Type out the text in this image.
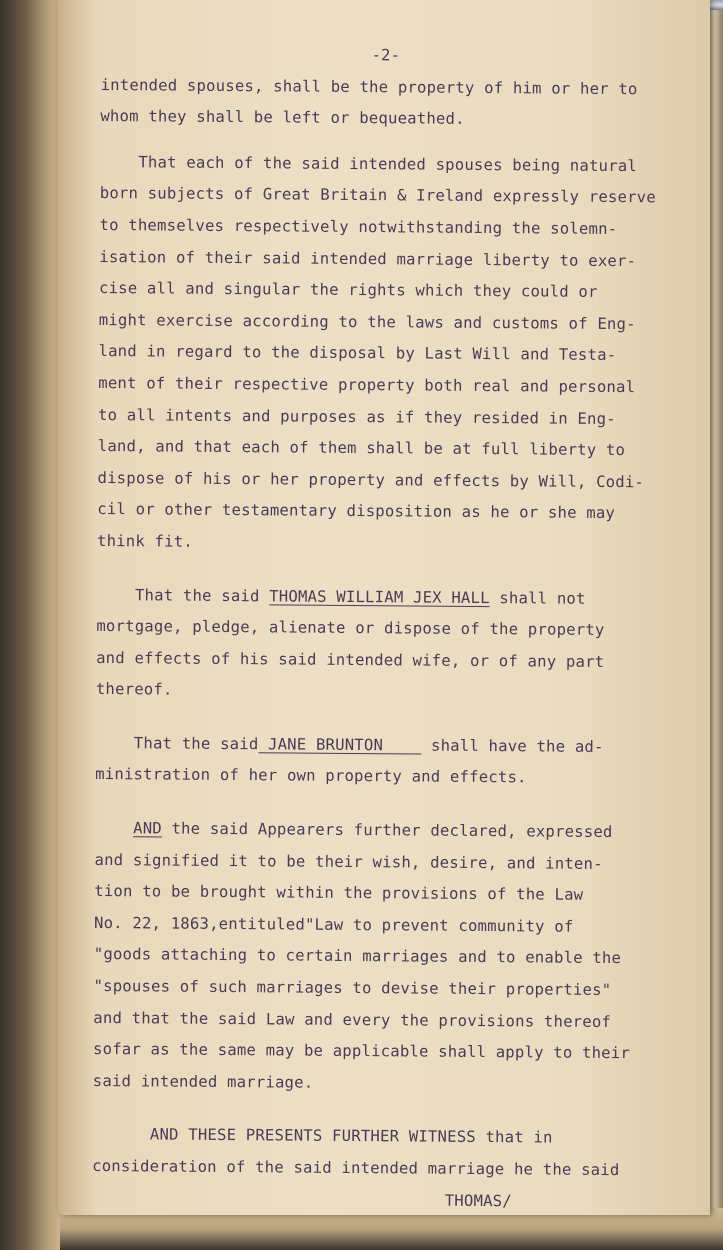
-2-
intended spouses, shall be the property of him or her to
whom they shall be left or bequeathed.
That each of the said intended spouses being natural
born subjects of Great Britain & Ireland expressly reserve
to themselves respectively notwithstanding the solemn-
isation of their said intended marriage liberty to exer-
cise all and singular the rights which they could or
might exercise according to the laws and customs of Eng-
land in regard to the disposal by Last Will and Testa-
ment of their respective property both real and personal
to all intents and purposes as if they resided in Eng-
land, and that each of them shall be at full liberty to
dispose of his or her property and effects by Will, Codi-
cil or other testamentary disposition as he or she may
think fit.
That the said THOMAS WILLIAM JEX HALL shall not
mortgage, pledge, alienate or dispose of the property
and effects of his said intended wife, or of any part
thereof.
That the said JANE BRUNTON     shall have the ad-
ministration of her own property and effects.
AND the said Appearers further declared, expressed
and signified it to be their wish, desire, and inten-
tion to be brought within the provisions of the Law
No. 22, 1863,entituled"Law to prevent community of
"goods attaching to certain marriages and to enable the
"spouses of such marriages to devise their properties"
and that the said Law and every the provisions thereof
sofar as the same may be applicable shall apply to their
said intended marriage.
AND THESE PRESENTS FURTHER WITNESS that in
consideration of the said intended marriage he the said
THOMAS/
